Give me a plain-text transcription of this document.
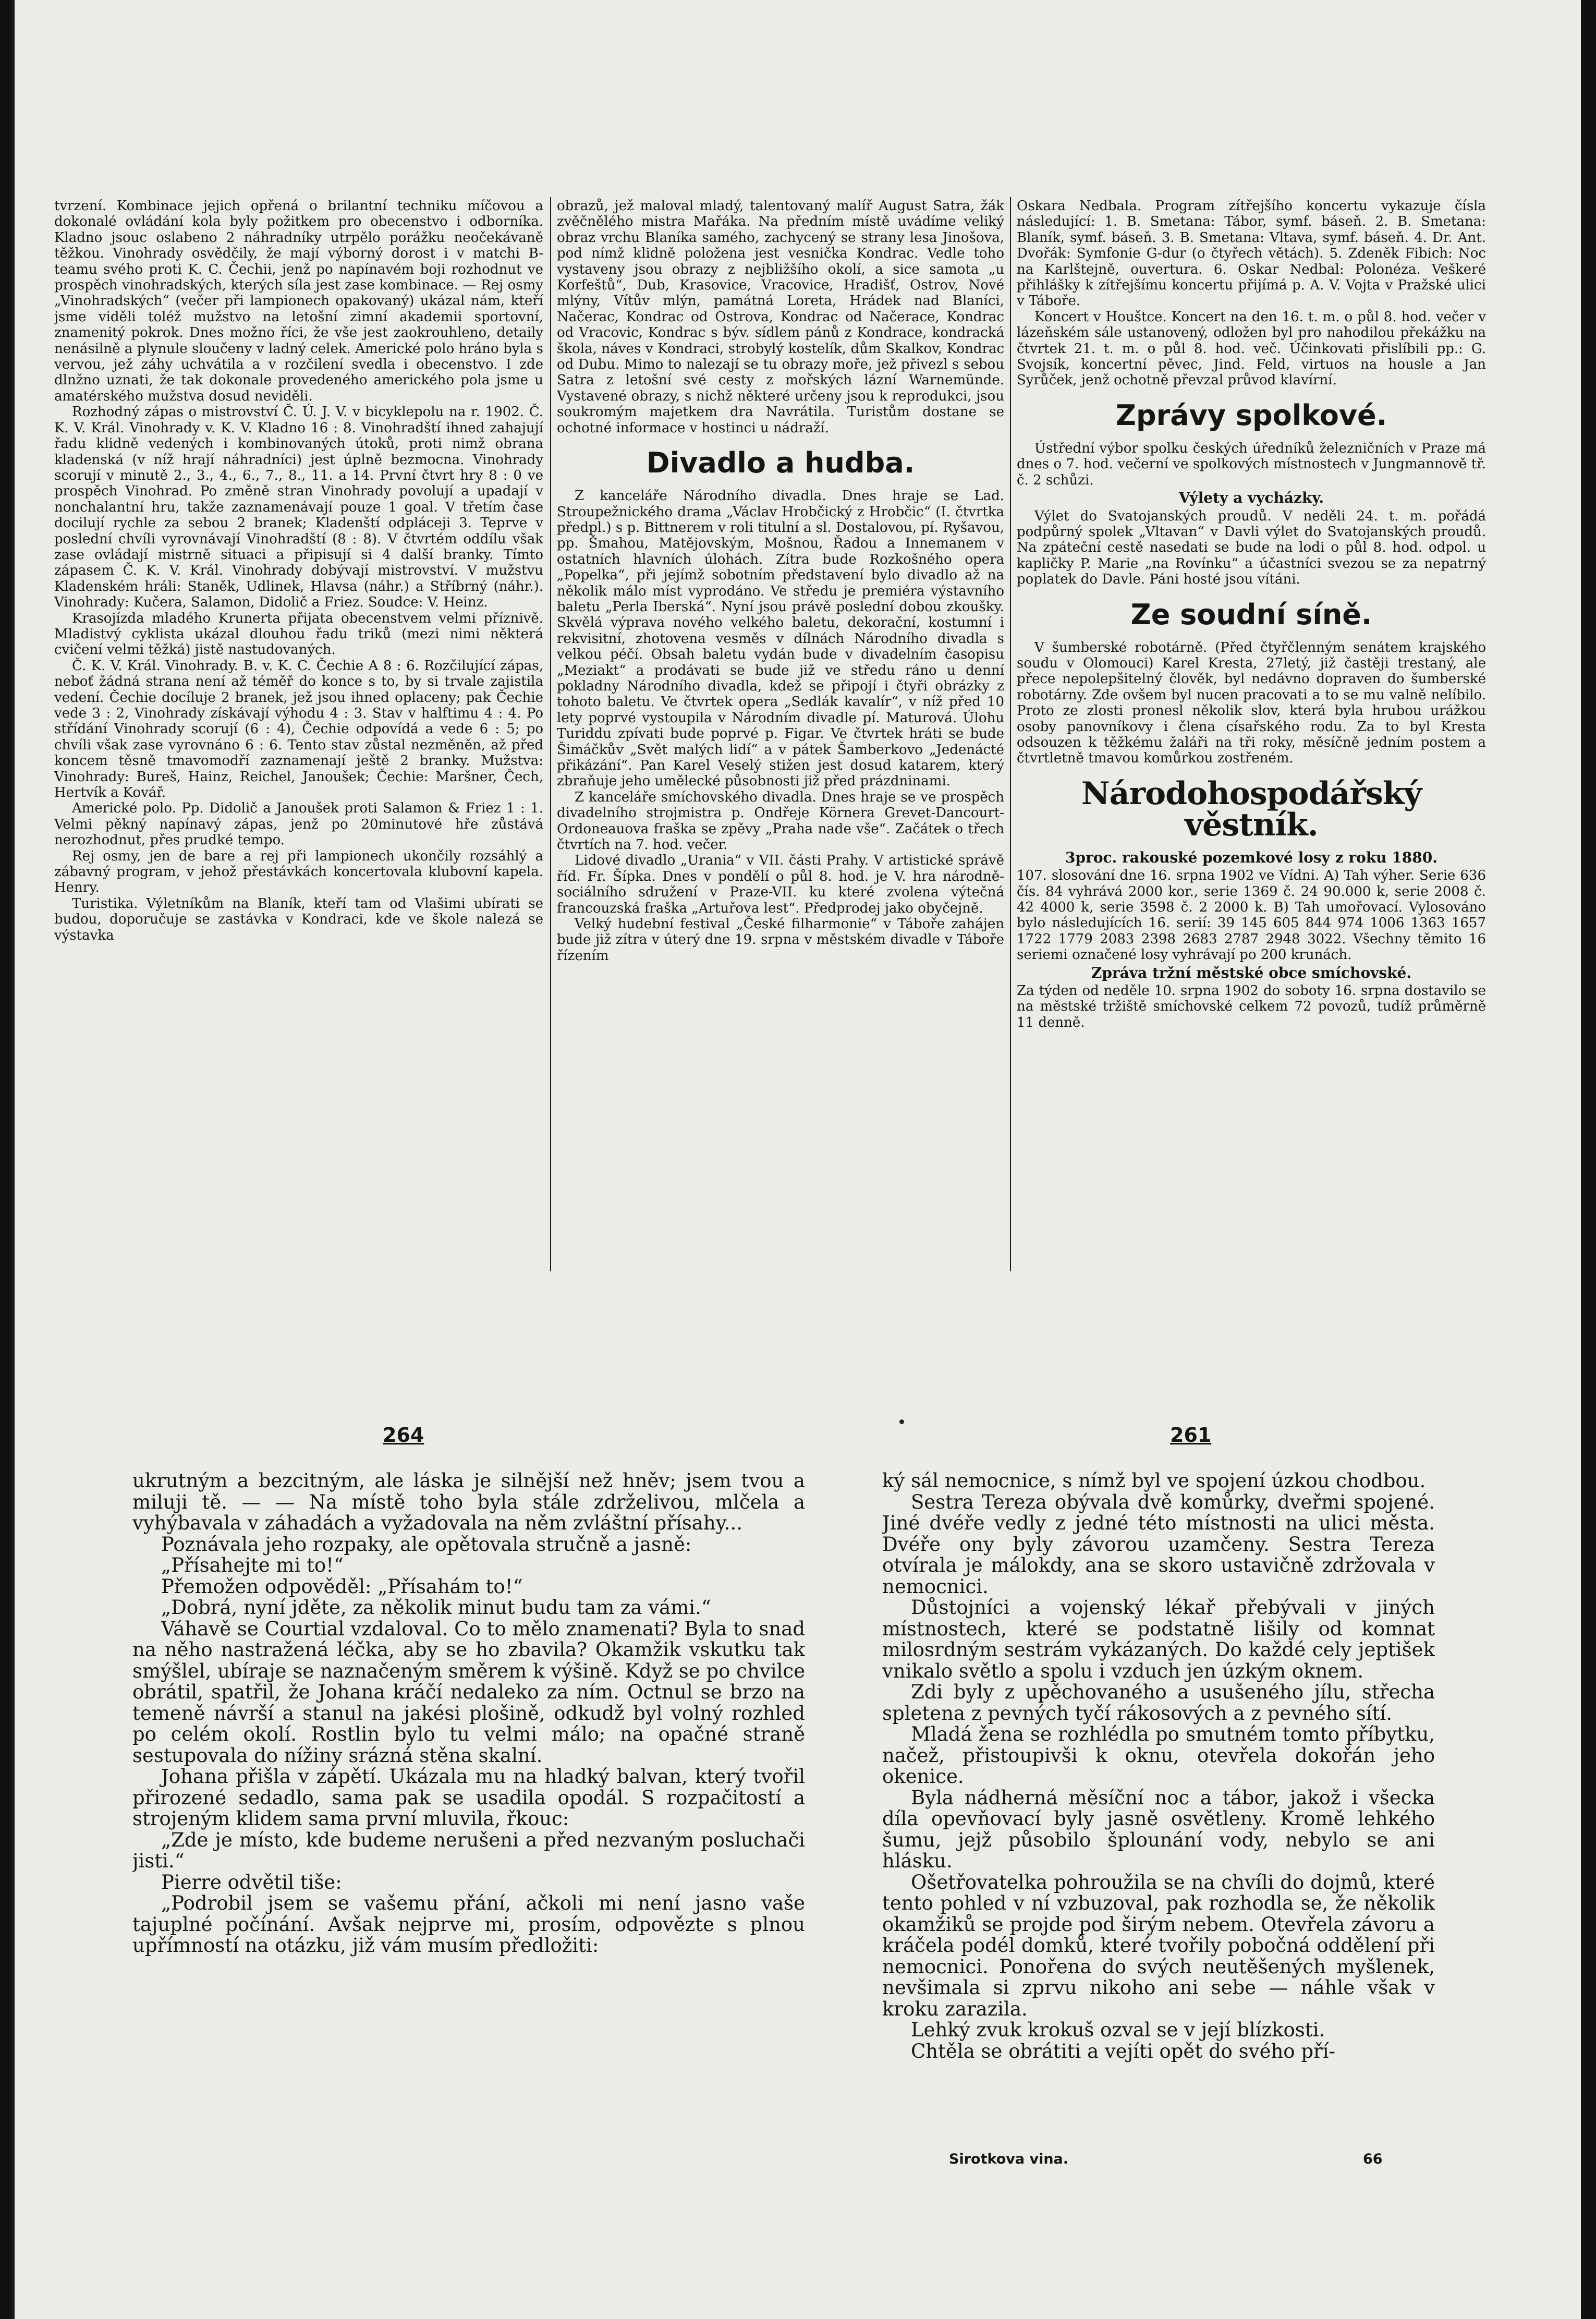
tvrzení. Kombinace jejich opřená o brilantní techniku míčovou a dokonalé ovládání kola byly požitkem pro obecenstvo i odborníka. Kladno jsouc oslabeno 2 náhradníky utrpělo porážku neočekávaně těžkou. Vinohrady osvědčily, že mají výborný dorost i v matchi B-teamu svého proti K. C. Čechii, jenž po napínavém boji rozhodnut ve prospěch vinohradských, kterých síla jest zase kombinace. — Rej osmy „Vinohradských“ (večer při lampionech opakovaný) ukázal nám, kteří jsme viděli toléž mužstvo na letošní zimní akademii sportovní, znamenitý pokrok. Dnes možno říci, že vše jest zaokrouhleno, detaily nenásilně a plynule sloučeny v ladný celek. Americké polo hráno byla s vervou, jež záhy uchvátila a v rozčilení svedla i obecenstvo. I zde dlnžno uznati, že tak dokonale provedeného amerického pola jsme u amatérského mužstva dosud neviděli.

Rozhodný zápas o mistrovství Č. Ú. J. V. v bicyklepolu na r. 1902. Č. K. V. Král. Vinohrady v. K. V. Kladno 16 : 8. Vinohradští ihned zahajují řadu klidně vedených i kombinovaných útoků, proti nimž obrana kladenská (v níž hrají náhradníci) jest úplně bezmocna. Vinohrady scorují v minutě 2., 3., 4., 6., 7., 8., 11. a 14. První čtvrt hry 8 : 0 ve prospěch Vinohrad. Po změně stran Vinohrady povolují a upadají v nonchalantní hru, takže zaznamenávají pouze 1 goal. V třetím čase docilují rychle za sebou 2 branek; Kladenští odpláceji 3. Teprve v poslední chvíli vyrovnávají Vinohradští (8 : 8). V čtvrtém oddílu však zase ovládají mistrně situaci a připisují si 4 další branky. Tímto zápasem Č. K. V. Král. Vinohrady dobývají mistrovství. V mužstvu Kladenském hráli: Staněk, Udlinek, Hlavsa (náhr.) a Stříbrný (náhr.). Vinohrady: Kučera, Salamon, Didolič a Friez. Soudce: V. Heinz.

Krasojízda mladého Krunerta přijata obecenstvem velmi příznivě. Mladistvý cyklista ukázal dlouhou řadu triků (mezi nimi některá cvičení velmi těžká) jistě nastudovaných.

Č. K. V. Král. Vinohrady. B. v. K. C. Čechie A 8 : 6. Rozčilující zápas, neboť žádná strana není až téměř do konce s to, by si trvale zajistila vedení. Čechie docíluje 2 branek, jež jsou ihned oplaceny; pak Čechie vede 3 : 2, Vinohrady získávají výhodu 4 : 3. Stav v halftimu 4 : 4. Po střídání Vinohrady scorují (6 : 4), Čechie odpovídá a vede 6 : 5; po chvíli však zase vyrovnáno 6 : 6. Tento stav zůstal nezměněn, až před koncem těsně tmavomodří zaznamenají ještě 2 branky. Mužstva: Vinohrady: Bureš, Hainz, Reichel, Janoušek; Čechie: Maršner, Čech, Hertvík a Kovář.

Americké polo. Pp. Didolič a Janoušek proti Salamon & Friez 1 : 1. Velmi pěkný napínavý zápas, jenž po 20minutové hře zůstává nerozhodnut, přes prudké tempo.

Rej osmy, jen de bare a rej při lampionech ukončily rozsáhlý a zábavný program, v jehož přestávkách koncertovala klubovní kapela. Henry.

Turistika. Výletníkům na Blaník, kteří tam od Vlašimi ubírati se budou, doporučuje se zastávka v Kondraci, kde ve škole nalezá se výstavka

obrazů, jež maloval mladý, talentovaný malíř August Satra, žák zvěčnělého mistra Mařáka. Na předním místě uvádíme veliký obraz vrchu Blaníka samého, zachycený se strany lesa Jinošova, pod nímž klidně položena jest vesnička Kondrac. Vedle toho vystaveny jsou obrazy z nejbližšího okolí, a sice samota „u Korfeštů“, Dub, Krasovice, Vracovice, Hradišť, Ostrov, Nové mlýny, Vítův mlýn, památná Loreta, Hrádek nad Blaníci, Načerac, Kondrac od Ostrova, Kondrac od Načerace, Kondrac od Vracovic, Kondrac s býv. sídlem pánů z Kondrace, kondracká škola, náves v Kondraci, strobylý kostelík, dům Skalkov, Kondrac od Dubu. Mimo to nalezají se tu obrazy moře, jež přivezl s sebou Satra z letošní své cesty z mořských lázní Warnemünde. Vystavené obrazy, s nichž některé určeny jsou k reprodukci, jsou soukromým majetkem dra Navrátila. Turistům dostane se ochotné informace v hostinci u nádraží.

Divadlo a hudba.

Z kanceláře Národního divadla. Dnes hraje se Lad. Stroupežnického drama „Václav Hrobčický z Hrobčic“ (I. čtvrtka předpl.) s p. Bittnerem v roli titulní a sl. Dostalovou, pí. Ryšavou, pp. Šmahou, Matějovským, Mošnou, Řadou a Innemanem v ostatních hlavních úlohách. Zítra bude Rozkošného opera „Popelka“, při jejímž sobotním představení bylo divadlo až na několik málo míst vyprodáno. Ve středu je premiéra výstavního baletu „Perla Iberská“. Nyní jsou právě poslední dobou zkoušky. Skvělá výprava nového velkého baletu, dekorační, kostumní i rekvisitní, zhotovena vesměs v dílnách Národního divadla s velkou péčí. Obsah baletu vydán bude v divadelním časopisu „Meziakt“ a prodávati se bude již ve středu ráno u denní pokladny Národního divadla, kdež se připojí i čtyři obrázky z tohoto baletu. Ve čtvrtek opera „Sedlák kavalír“, v níž před 10 lety poprvé vystoupila v Národním divadle pí. Maturová. Úlohu Turiddu zpívati bude poprvé p. Figar. Ve čtvrtek hráti se bude Šimáčkův „Svět malých lidí“ a v pátek Šamberkovo „Jedenácté přikázání“. Pan Karel Veselý stižen jest dosud katarem, který zbraňuje jeho umělecké působnosti již před prázdninami.

Z kanceláře smíchovského divadla. Dnes hraje se ve prospěch divadelního strojmistra p. Ondřeje Körnera Grevet-Dancourt-Ordoneauova fraška se zpěvy „Praha nade vše“. Začátek o třech čtvrtích na 7. hod. večer.

Lidové divadlo „Urania“ v VII. části Prahy. V artistické správě říd. Fr. Šípka. Dnes v pondělí o půl 8. hod. je V. hra národně-sociálního sdružení v Praze-VII. ku které zvolena výtečná francouzská fraška „Artuřova lest“. Předprodej jako obyčejně.

Velký hudební festival „České filharmonie“ v Táboře zahájen bude již zítra v úterý dne 19. srpna v městském divadle v Táboře řízením

Oskara Nedbala. Program zítřejšího koncertu vykazuje čísla následující: 1. B. Smetana: Tábor, symf. báseň. 2. B. Smetana: Blaník, symf. báseň. 3. B. Smetana: Vltava, symf. báseň. 4. Dr. Ant. Dvořák: Symfonie G-dur (o čtyřech větách). 5. Zdeněk Fibich: Noc na Karlštejně, ouvertura. 6. Oskar Nedbal: Polonéza. Veškeré přihlášky k zítřejšímu koncertu přijímá p. A. V. Vojta v Pražské ulici v Táboře.

Koncert v Houštce. Koncert na den 16. t. m. o půl 8. hod. večer v lázeňském sále ustanovený, odložen byl pro nahodilou překážku na čtvrtek 21. t. m. o půl 8. hod. več. Účinkovati přislíbili pp.: G. Svojsík, koncertní pěvec, Jind. Feld, virtuos na housle a Jan Syrůček, jenž ochotně převzal průvod klavírní.

Zprávy spolkové.

Ústřední výbor spolku českých úředníků železničních v Praze má dnes o 7. hod. večerní ve spolkových místnostech v Jungmannově tř. č. 2 schůzi.

Výlety a vycházky.

Výlet do Svatojanských proudů. V neděli 24. t. m. pořádá podpůrný spolek „Vltavan“ v Davli výlet do Svatojanských proudů. Na zpáteční cestě nasedati se bude na lodi o půl 8. hod. odpol. u kapličky P. Marie „na Rovínku“ a účastníci svezou se za nepatrný poplatek do Davle. Páni hosté jsou vítáni.

Ze soudní síně.

V šumberské robotárně. (Před čtyřčlenným senátem krajského soudu v Olomouci) Karel Kresta, 27letý, již častěji trestaný, ale přece nepolepšitelný člověk, byl nedávno dopraven do šumberské robotárny. Zde ovšem byl nucen pracovati a to se mu valně nelíbilo. Proto ze zlosti pronesl několik slov, která byla hrubou urážkou osoby panovníkovy i člena císařského rodu. Za to byl Kresta odsouzen k těžkému žaláři na tři roky, měsíčně jedním postem a čtvrtletně tmavou komůrkou zostřeném.

Národohospodářský věstník.
3proc. rakouské pozemkové losy z roku 1880.

107. slosování dne 16. srpna 1902 ve Vídni. A) Tah výher. Serie 636 čís. 84 vyhrává 2000 kor., serie 1369 č. 24 90.000 k, serie 2008 č. 42 4000 k, serie 3598 č. 2 2000 k. B) Tah umořovací. Vylosováno bylo následujících 16. serií: 39 145 605 844 974 1006 1363 1657 1722 1779 2083 2398 2683 2787 2948 3022. Všechny těmito 16 seriemi označené losy vyhrávají po 200 krunách.

Zpráva tržní městské obce smíchovské.

Za týden od neděle 10. srpna 1902 do soboty 16. srpna dostavilo se na městské tržiště smíchovské celkem 72 povozů, tudíž průměrně 11 denně.

264	261

ukrutným a bezcitným, ale láska je silnější než hněv; jsem tvou a miluji tě. — — Na místě toho byla stále zdrželivou, mlčela a vyhýbavala v záhadách a vyžadovala na něm zvláštní přísahy...

Poznávala jeho rozpaky, ale opětovala stručně a jasně:

„Přísahejte mi to!“

Přemožen odpověděl: „Přísahám to!“

„Dobrá, nyní jděte, za několik minut budu tam za vámi.“

Váhavě se Courtial vzdaloval. Co to mělo znamenati? Byla to snad na něho nastražená léčka, aby se ho zbavila? Okamžik vskutku tak smýšlel, ubíraje se naznačeným směrem k výšině. Když se po chvilce obrátil, spatřil, že Johana kráčí nedaleko za ním. Octnul se brzo na temeně návrší a stanul na jakési plošině, odkudž byl volný rozhled po celém okolí. Rostlin bylo tu velmi málo; na opačné straně sestupovala do nížiny srázná stěna skalní.

Johana přišla v zápětí. Ukázala mu na hladký balvan, který tvořil přirozené sedadlo, sama pak se usadila opodál. S rozpačitostí a strojeným klidem sama první mluvila, řkouc:

„Zde je místo, kde budeme nerušeni a před nezvaným posluchači jisti.“

Pierre odvětil tiše:

„Podrobil jsem se vašemu přání, ačkoli mi není jasno vaše tajuplné počínání. Avšak nejprve mi, prosím, odpovězte s plnou upřímností na otázku, již vám musím předložiti:

ký sál nemocnice, s nímž byl ve spojení úzkou chodbou.

Sestra Tereza obývala dvě komůrky, dveřmi spojené. Jiné dvéře vedly z jedné této místnosti na ulici města. Dvéře ony byly závorou uzamčeny. Sestra Tereza otvírala je málokdy, ana se skoro ustavičně zdržovala v nemocnici.

Důstojníci a vojenský lékař přebývali v jiných místnostech, které se podstatně lišily od komnat milosrdným sestrám vykázaných. Do každé cely jeptišek vnikalo světlo a spolu i vzduch jen úzkým oknem.

Zdi byly z upěchovaného a usušeného jílu, střecha spletena z pevných tyčí rákosových a z pevného sítí.

Mladá žena se rozhlédla po smutném tomto příbytku, načež, přistoupivši k oknu, otevřela dokořán jeho okenice.

Byla nádherná měsíční noc a tábor, jakož i všecka díla opevňovací byly jasně osvětleny. Kromě lehkého šumu, jejž působilo šplounání vody, nebylo se ani hlásku.

Ošetřovatelka pohroužila se na chvíli do dojmů, které tento pohled v ní vzbuzoval, pak rozhodla se, že několik okamžiků se projde pod širým nebem. Otevřela závoru a kráčela podél domků, které tvořily pobočná oddělení při nemocnici. Ponořena do svých neutěšených myšlenek, nevšimala si zprvu nikoho ani sebe — náhle však v kroku zarazila.

Lehký zvuk krokuš ozval se v její blízkosti.

Chtěla se obrátiti a vejíti opět do svého pří-

Sirotkova vina.	66
